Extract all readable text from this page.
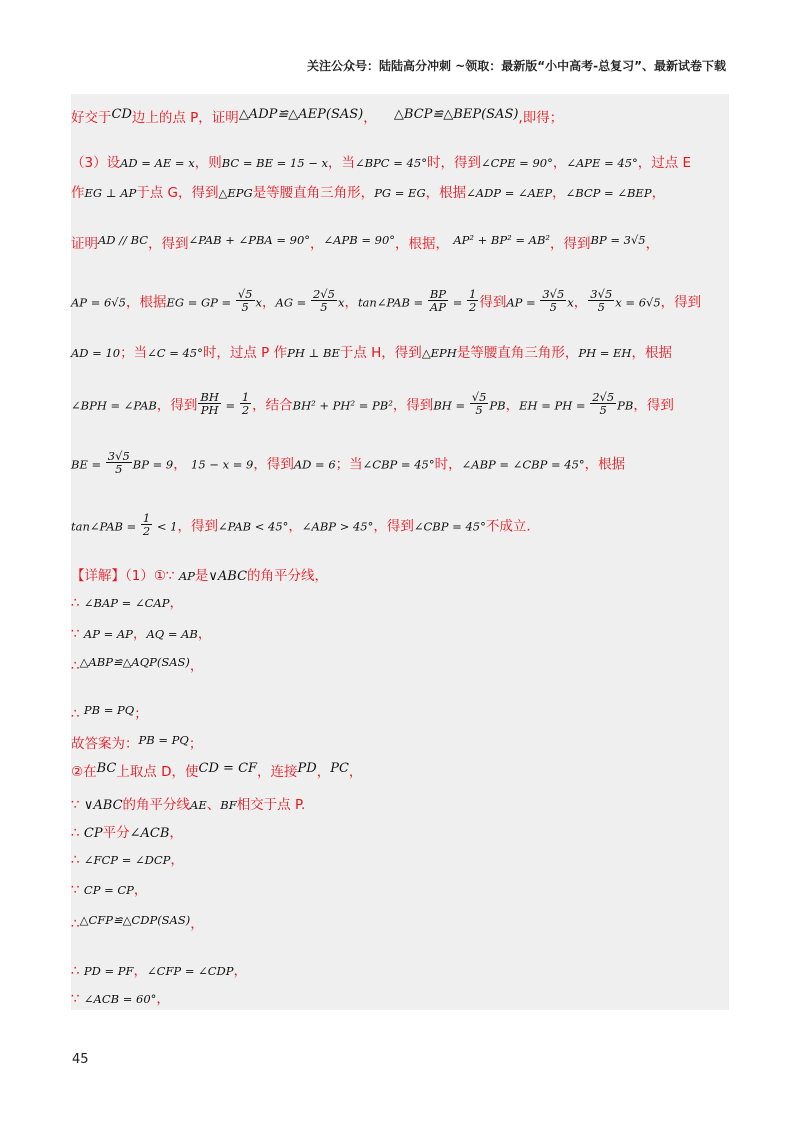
关注公众号：陆陆高分冲刺 ~领取：最新版“小中高考-总复习”、最新试卷下载
好交于CD边上的点 P，证明△ADP≌△AEP(SAS)， △BCP≌△BEP(SAS),即得；
（3）设AD = AE = x，则BC = BE = 15 − x，当∠BPC = 45°时，得到∠CPE = 90°，∠APE = 45°，过点 E
作EG ⊥ AP于点 G，得到△EPG是等腰直角三角形，PG = EG，根据∠ADP = ∠AEP，∠BCP = ∠BEP，
证明AD // BC，得到∠PAB + ∠PBA = 90°，∠APB = 90°，根据， AP² + BP² = AB²，得到BP = 3√5，
AP = 6√5，根据EG = GP = $\frac{√5}{5}$ x，AG = $\frac{2√5}{5}$ x，tan∠PAB = $\frac{BP}{AP} = \frac{1}{2}$ 得到AP = $\frac{3√5}{5}$ x， $\frac{3√5}{5}$ x = 6√5，得到
AD = 10；当∠C = 45°时，过点 P 作PH ⊥ BE于点 H，得到△EPH是等腰直角三角形，PH = EH，根据
∠BPH = ∠PAB，得到 $\frac{BH}{PH} = \frac{1}{2}$ ，结合BH² + PH² = PB²，得到BH = $\frac{√5}{5}$ PB，EH = PH = $\frac{2√5}{5}$ PB，得到
BE = $\frac{3√5}{5}$ BP = 9， 15 − x = 9，得到AD = 6；当∠CBP = 45°时，∠ABP = ∠CBP = 45°，根据
tan∠PAB = $\frac{1}{2} < 1$，得到∠PAB < 45°，∠ABP > 45°，得到∠CBP = 45°不成立.
【详解】（1）①∵ AP是∨ABC的角平分线，
∴ ∠BAP = ∠CAP，
∵ AP = AP，AQ = AB，
∴△ABP≌△AQP(SAS)，
∴ PB = PQ；
故答案为：PB = PQ；
②在BC上取点 D，使CD = CF，连接PD，PC，
∵ ∨ABC的角平分线AE、BF相交于点 P.
∴ CP平分∠ACB，
∴ ∠FCP = ∠DCP，
∵ CP = CP，
∴△CFP≌△CDP(SAS)，
∴ PD = PF，∠CFP = ∠CDP，
∵ ∠ACB = 60°，
45
